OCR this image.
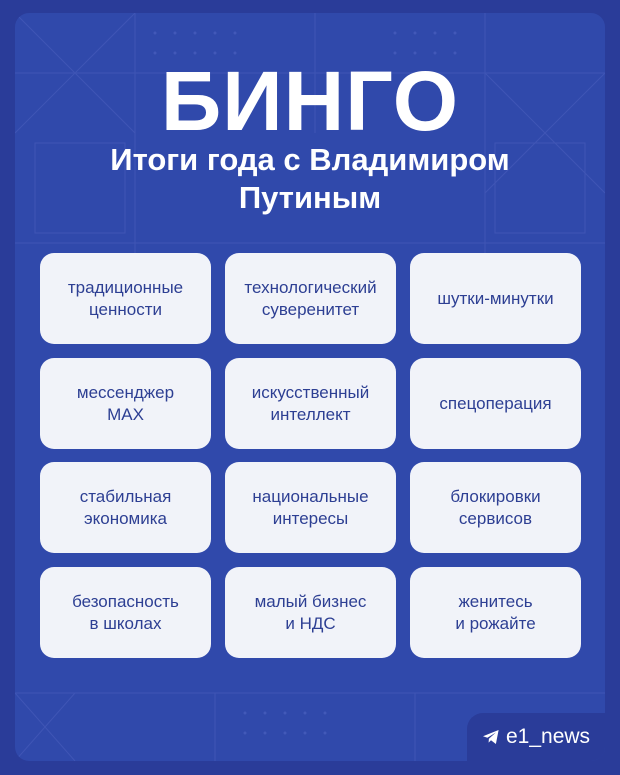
БИНГО
Итоги года с Владимиром Путиным
традиционные
ценности
технологический
суверенитет
шутки-минутки
мессенджер
MAX
искусственный
интеллект
спецоперация
стабильная
экономика
национальные
интересы
блокировки
сервисов
безопасность
в школах
малый бизнес
и НДС
женитесь
и рожайте
e1_news
